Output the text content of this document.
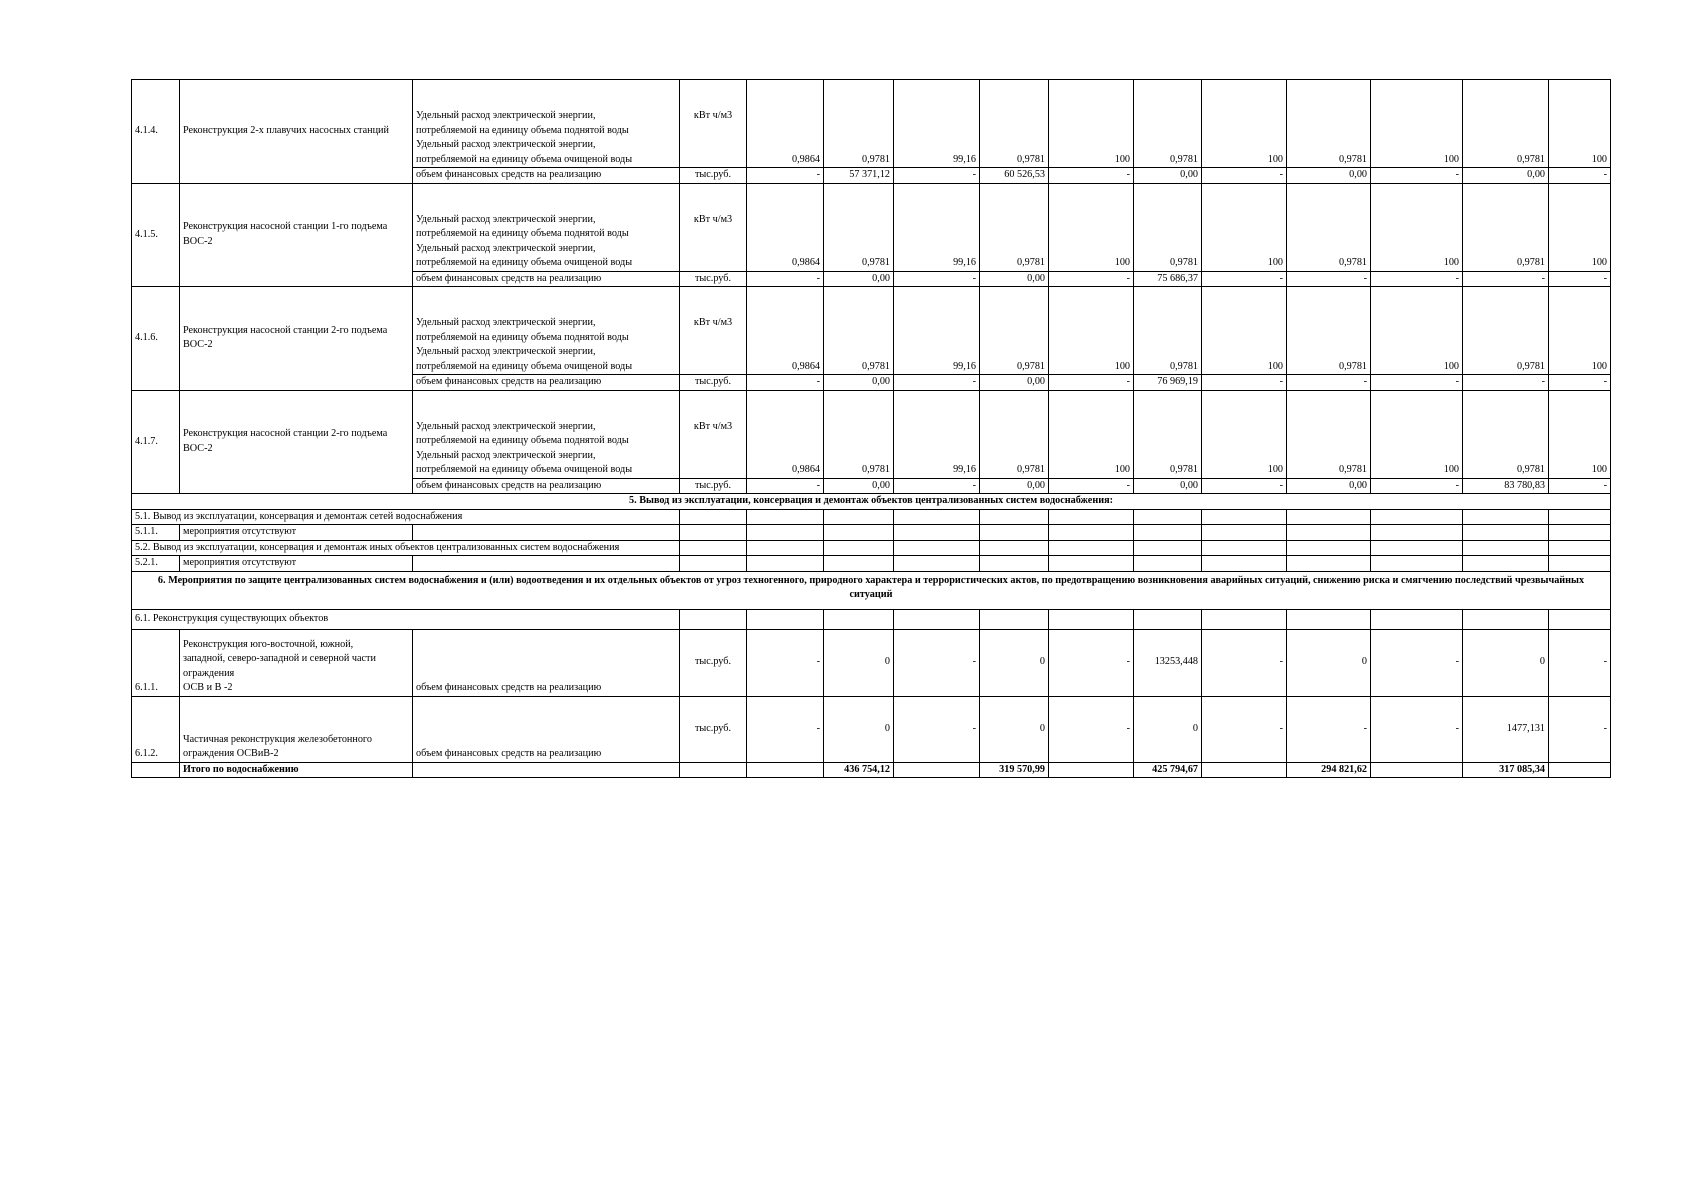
4.1.4.	Реконструкция 2-х плавучих насосных станций	Удельный расход электрической энергии,
потребляемой на единицу объема поднятой воды
Удельный расход электрической энергии,
потребляемой на единицу объема очищеной воды	кВт ч/м3	0,9864	0,9781	99,16	0,9781	100	0,9781	100	0,9781	100	0,9781	100
		объем финансовых средств на реализацию	тыс.руб.	-	57 371,12	-	60 526,53	-	0,00	-	0,00	-	0,00	-
4.1.5.	Реконструкция насосной станции 1-го подъема ВОС-2	Удельный расход электрической энергии,
потребляемой на единицу объема поднятой воды
Удельный расход электрической энергии,
потребляемой на единицу объема очищеной воды	кВт ч/м3	0,9864	0,9781	99,16	0,9781	100	0,9781	100	0,9781	100	0,9781	100
		объем финансовых средств на реализацию	тыс.руб.	-	0,00	-	0,00	-	75 686,37	-	-	-	-	-
4.1.6.	Реконструкция насосной станции 2-го подъема ВОС-2	Удельный расход электрической энергии,
потребляемой на единицу объема поднятой воды
Удельный расход электрической энергии,
потребляемой на единицу объема очищеной воды	кВт ч/м3	0,9864	0,9781	99,16	0,9781	100	0,9781	100	0,9781	100	0,9781	100
		объем финансовых средств на реализацию	тыс.руб.	-	0,00	-	0,00	-	76 969,19	-	-	-	-	-
4.1.7.	Реконструкция насосной станции 2-го подъема ВОС-2	Удельный расход электрической энергии,
потребляемой на единицу объема поднятой воды
Удельный расход электрической энергии,
потребляемой на единицу объема очищеной воды	кВт ч/м3	0,9864	0,9781	99,16	0,9781	100	0,9781	100	0,9781	100	0,9781	100
		объем финансовых средств на реализацию	тыс.руб.	-	0,00	-	0,00	-	0,00	-	0,00	-	83 780,83	-
5. Вывод из эксплуатации, консервация и демонтаж объектов централизованных систем водоснабжения:														
5.1. Вывод из эксплуатации, консервация и демонтаж сетей водоснабжения														
5.1.1.	мероприятия отсутствуют													
5.2. Вывод из эксплуатации, консервация и демонтаж иных объектов централизованных систем водоснабжения														
5.2.1.	мероприятия отсутствуют													
6. Мероприятия по защите централизованных систем водоснабжения и (или) водоотведения и их отдельных объектов от угроз техногенного, природного характера и террористических актов, по предотвращению возникновения аварийных ситуаций, снижению риска и смягчению последствий чрезвычайных ситуаций														
6.1. Реконструкция существующих объектов														
6.1.1.	Реконструкция юго-восточной, южной,
западной, северо-западной и северной части
ограждения
ОСВ и В -2	объем финансовых средств на реализацию	тыс.руб.	-	0	-	0	-	13253,448	-	0	-	0	-
6.1.2.	Частичная реконструкция железобетонного
ограждения ОСВиВ-2	объем финансовых средств на реализацию	тыс.руб.	-	0	-	0	-	0	-	-	-	1477,131	-
	Итого по водоснабжению				436 754,12		319 570,99		425 794,67		294 821,62		317 085,34	
